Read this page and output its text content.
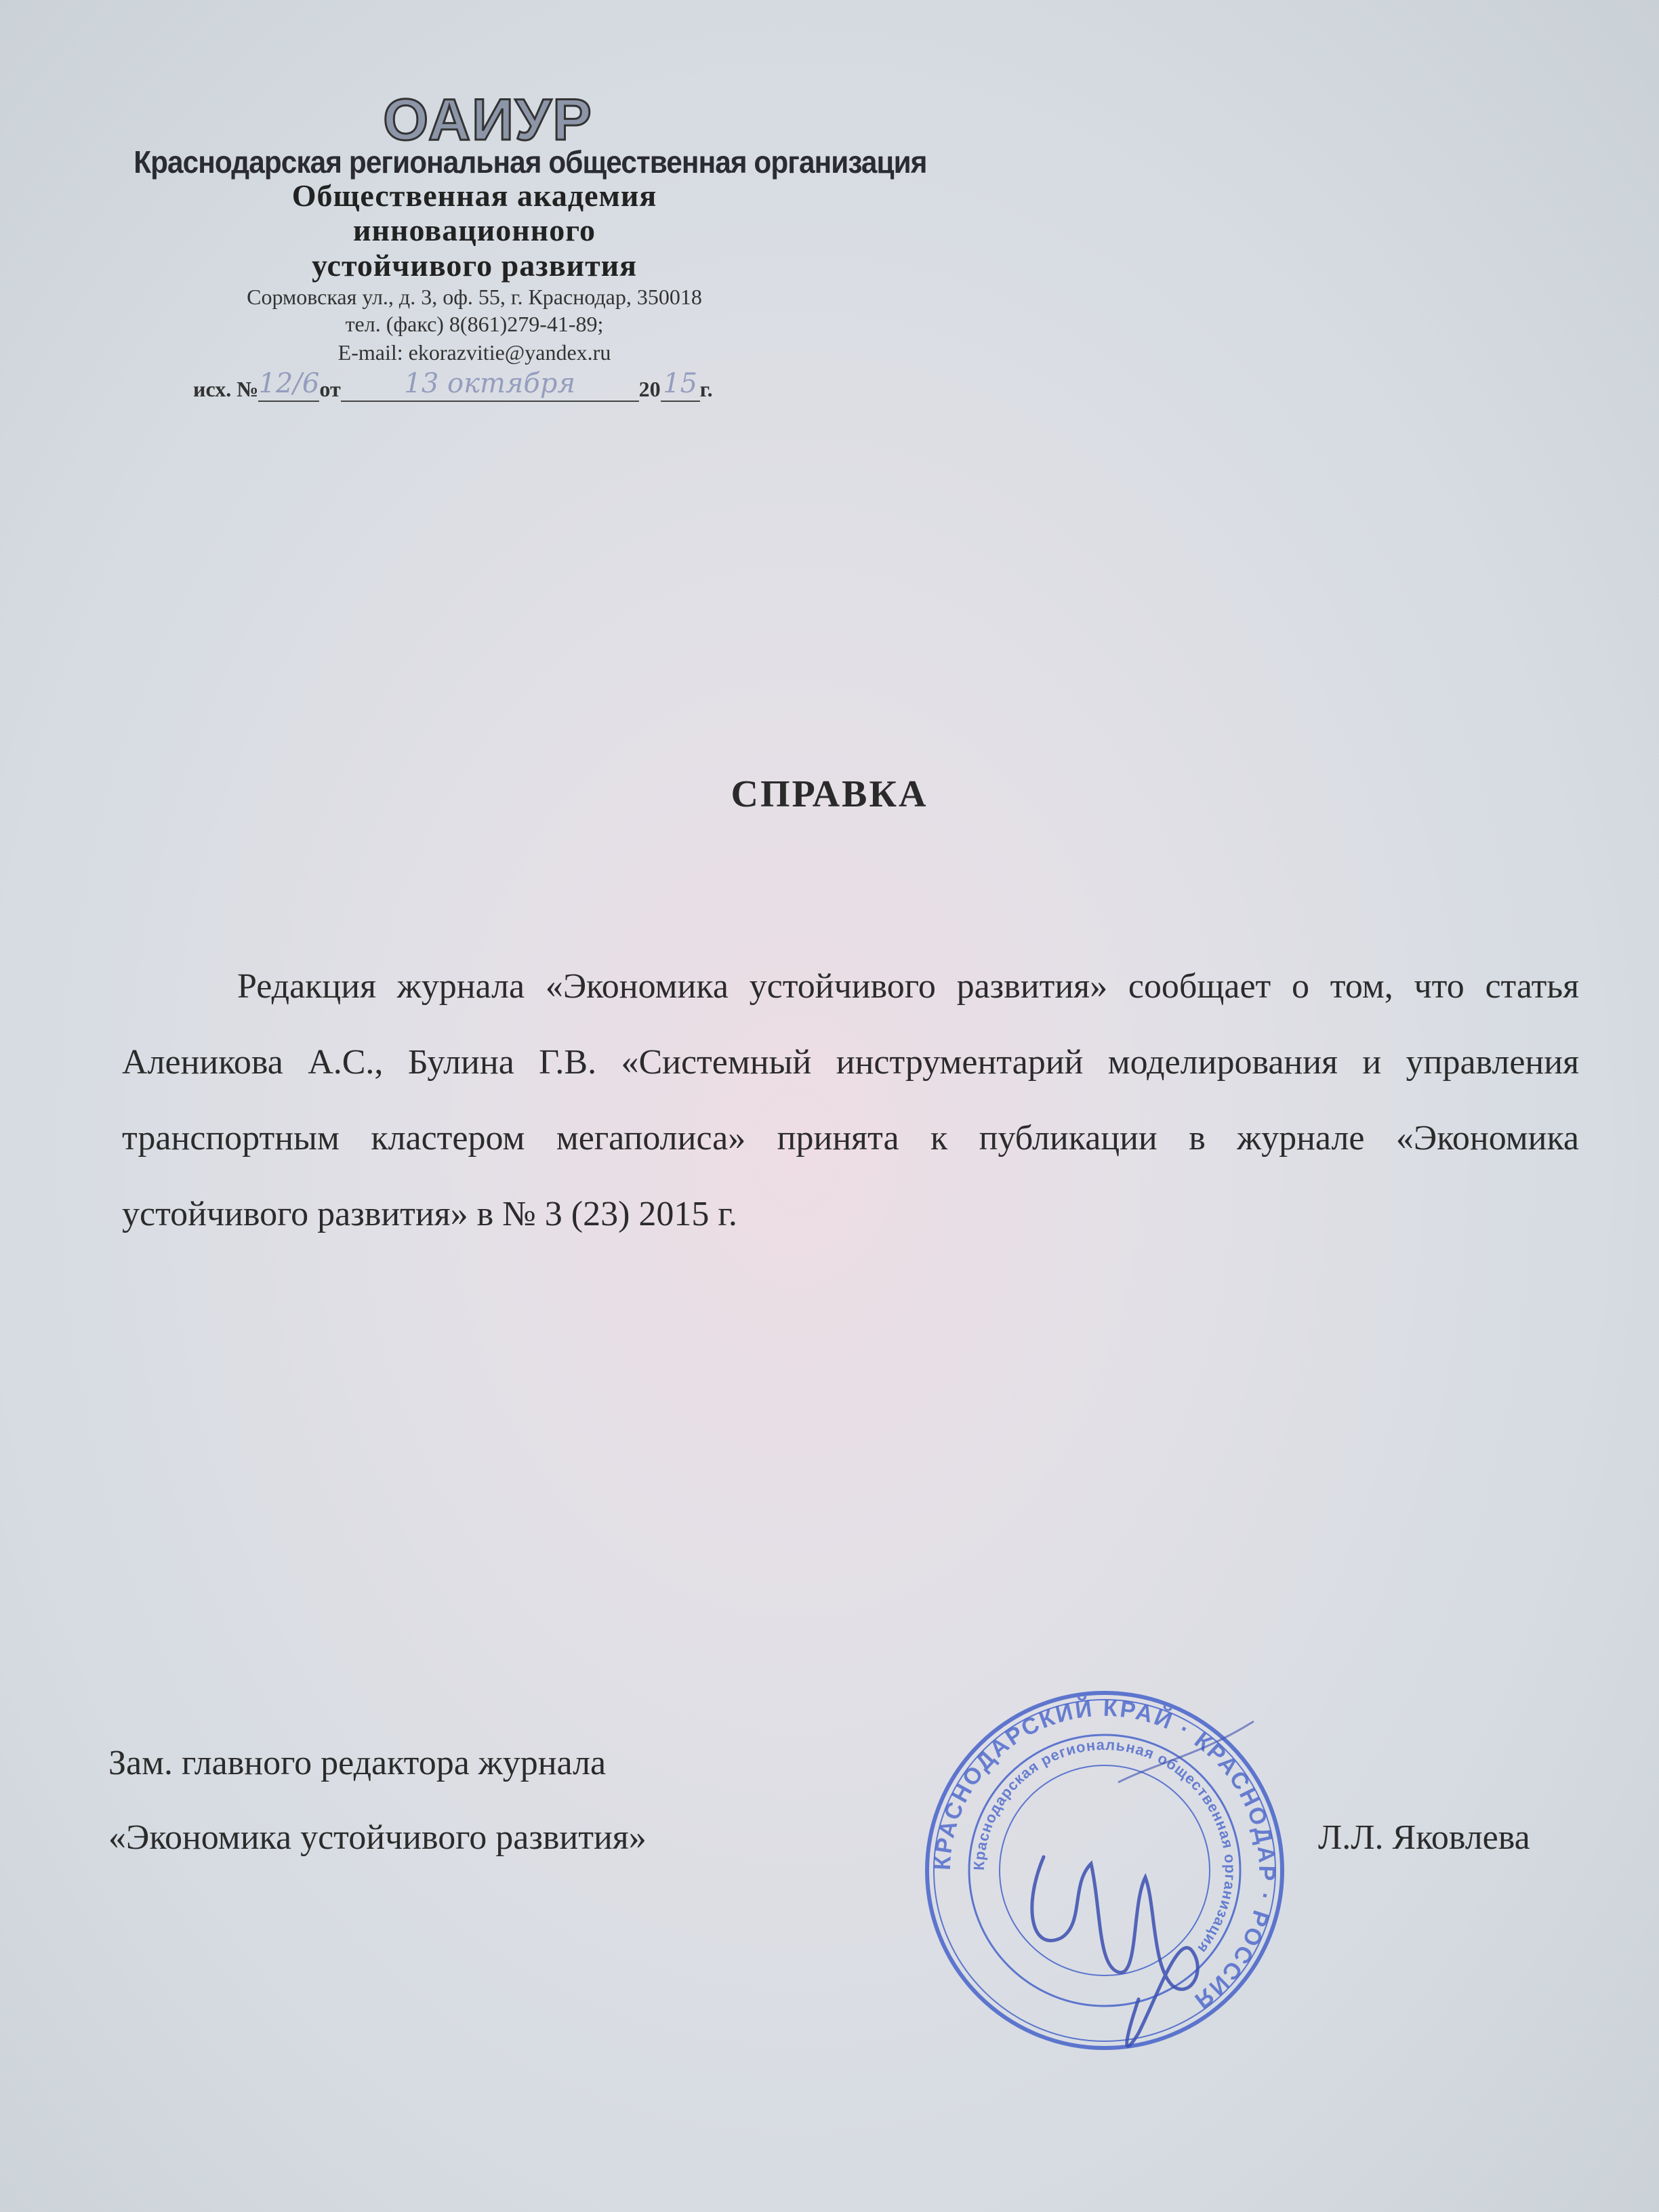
ОАИУР
Краснодарская региональная общественная организация
Общественная академия
инновационного
устойчивого развития
Сормовская ул., д. 3, оф. 55, г. Краснодар, 350018
тел. (факс) 8(861)279-41-89;
E-mail: ekorazvitie@yandex.ru
исх. № 12/6 от	13 октября	20 15 г.
СПРАВКА
Редакция журнала «Экономика устойчивого развития» сообщает о том, что статья Аленикова А.С., Булина Г.В. «Системный инструментарий моделирования и управления транспортным кластером мегаполиса» принята к публикации в журнале «Экономика устойчивого развития» в № 3 (23) 2015 г.
Зам. главного редактора журнала
«Экономика устойчивого развития»
КРАСНОДАРСКИЙ КРАЙ · КРАСНОДАР · РОССИЯ
Краснодарская региональная общественная организация
Л.Л. Яковлева
